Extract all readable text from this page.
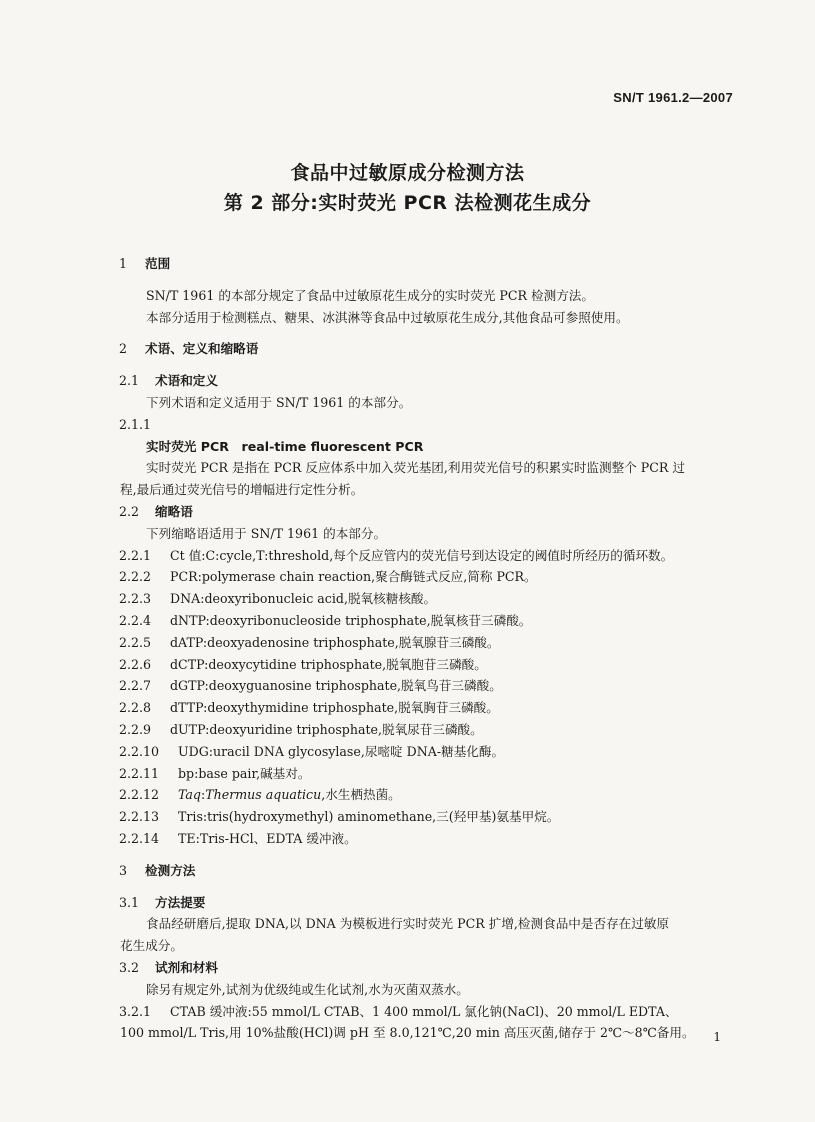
SN/T 1961.2—2007
食品中过敏原成分检测方法
第 2 部分:实时荧光 PCR 法检测花生成分
1 范围
SN/T 1961 的本部分规定了食品中过敏原花生成分的实时荧光 PCR 检测方法。
本部分适用于检测糕点、糖果、冰淇淋等食品中过敏原花生成分,其他食品可参照使用。
2 术语、定义和缩略语
2.1 术语和定义
下列术语和定义适用于 SN/T 1961 的本部分。
2.1.1
实时荧光 PCR　real-time fluorescent PCR
实时荧光 PCR 是指在 PCR 反应体系中加入荧光基团,利用荧光信号的积累实时监测整个 PCR 过
程,最后通过荧光信号的增幅进行定性分析。
2.2 缩略语
下列缩略语适用于 SN/T 1961 的本部分。
2.2.1 Ct 值:C:cycle,T:threshold,每个反应管内的荧光信号到达设定的阈值时所经历的循环数。
2.2.2 PCR:polymerase chain reaction,聚合酶链式反应,简称 PCR。
2.2.3 DNA:deoxyribonucleic acid,脱氧核糖核酸。
2.2.4 dNTP:deoxyribonucleoside triphosphate,脱氧核苷三磷酸。
2.2.5 dATP:deoxyadenosine triphosphate,脱氧腺苷三磷酸。
2.2.6 dCTP:deoxycytidine triphosphate,脱氧胞苷三磷酸。
2.2.7 dGTP:deoxyguanosine triphosphate,脱氧鸟苷三磷酸。
2.2.8 dTTP:deoxythymidine triphosphate,脱氧胸苷三磷酸。
2.2.9 dUTP:deoxyuridine triphosphate,脱氧尿苷三磷酸。
2.2.10 UDG:uracil DNA glycosylase,尿嘧啶 DNA-糖基化酶。
2.2.11 bp:base pair,碱基对。
2.2.12 Taq:Thermus aquaticu,水生栖热菌。
2.2.13 Tris:tris(hydroxymethyl) aminomethane,三(羟甲基)氨基甲烷。
2.2.14 TE:Tris-HCl、EDTA 缓冲液。
3 检测方法
3.1 方法提要
食品经研磨后,提取 DNA,以 DNA 为模板进行实时荧光 PCR 扩增,检测食品中是否存在过敏原
花生成分。
3.2 试剂和材料
除另有规定外,试剂为优级纯或生化试剂,水为灭菌双蒸水。
3.2.1 CTAB 缓冲液:55 mmol/L CTAB、1 400 mmol/L 氯化钠(NaCl)、20 mmol/L EDTA、
100 mmol/L Tris,用 10%盐酸(HCl)调 pH 至 8.0,121℃,20 min 高压灭菌,储存于 2℃～8℃备用。 1
